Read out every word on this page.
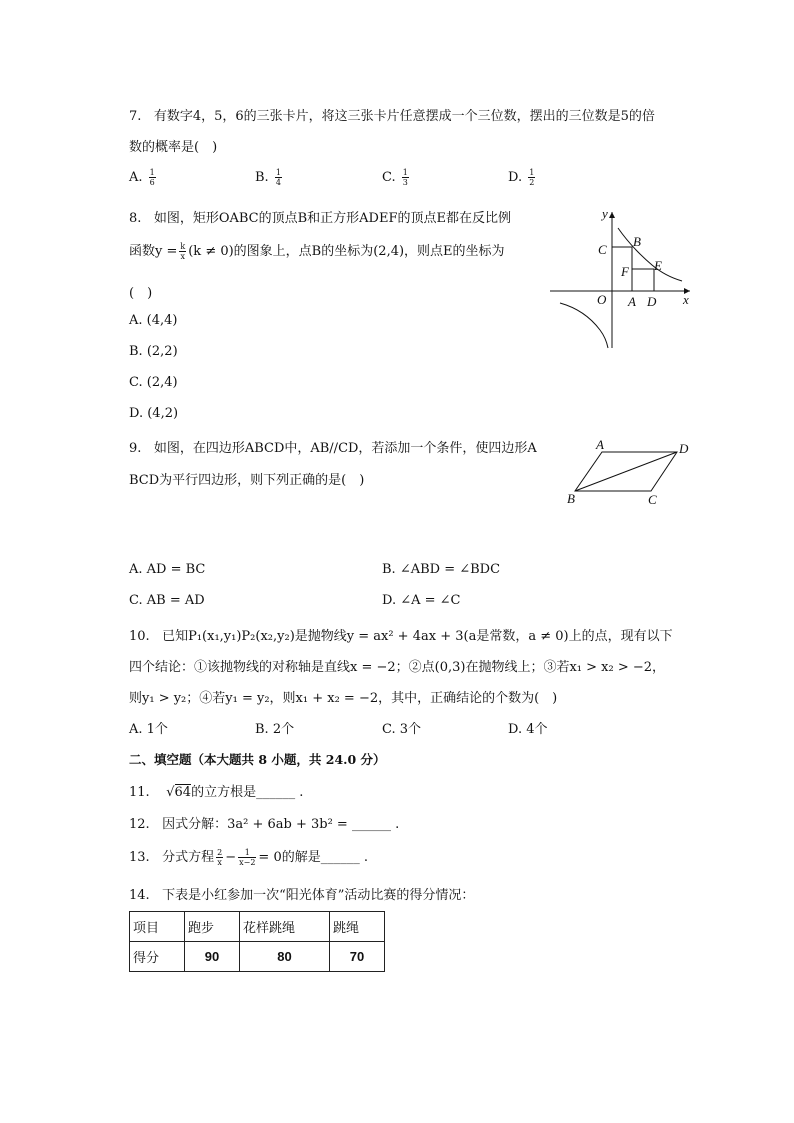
7. 有数字4，5，6的三张卡片，将这三张卡片任意摆成一个三位数，摆出的三位数是5的倍
数的概率是(　)
A. $\frac{1}{6}$	B. $\frac{1}{4}$	C. $\frac{1}{3}$	D. $\frac{1}{2}$
8. 如图，矩形OABC的顶点B和正方形ADEF的顶点E都在反比例
函数$y = \frac{k}{x} (k \ne 0)$的图象上，点B的坐标为(2,4)，则点E的坐标为
(　)
A. (4,4)
B. (2,2)
C. (2,4)
D. (4,2)
y
x
C
B
F E
O A D
9. 如图，在四边形ABCD中，AB//CD，若添加一个条件，使四边形A
BCD为平行四边形，则下列正确的是(　)
A	D
B	C
A. AD = BC	B. ∠ABD = ∠BDC
C. AB = AD	D. ∠A = ∠C
10. 已知P₁(x₁,y₁)P₂(x₂,y₂)是抛物线y = ax² + 4ax + 3(a是常数，a ≠ 0)上的点，现有以下
四个结论：①该抛物线的对称轴是直线x = −2；②点(0,3)在抛物线上；③若x₁ > x₂ > −2，
则y₁ > y₂；④若y₁ = y₂，则x₁ + x₂ = −2，其中，正确结论的个数为(　)
A. 1个	B. 2个	C. 3个	D. 4个
二、填空题（本大题共 8 小题，共 24.0 分）
11. √64的立方根是______ .
12. 因式分解：3a² + 6ab + 3b² = ______ .
13. 分式方程 $\frac{2}{x} - \frac{1}{x-2} = 0$的解是______ .
14. 下表是小红参加一次“阳光体育”活动比赛的得分情况：
项目	跑步	花样跳绳	跳绳
得分	90	80	70
